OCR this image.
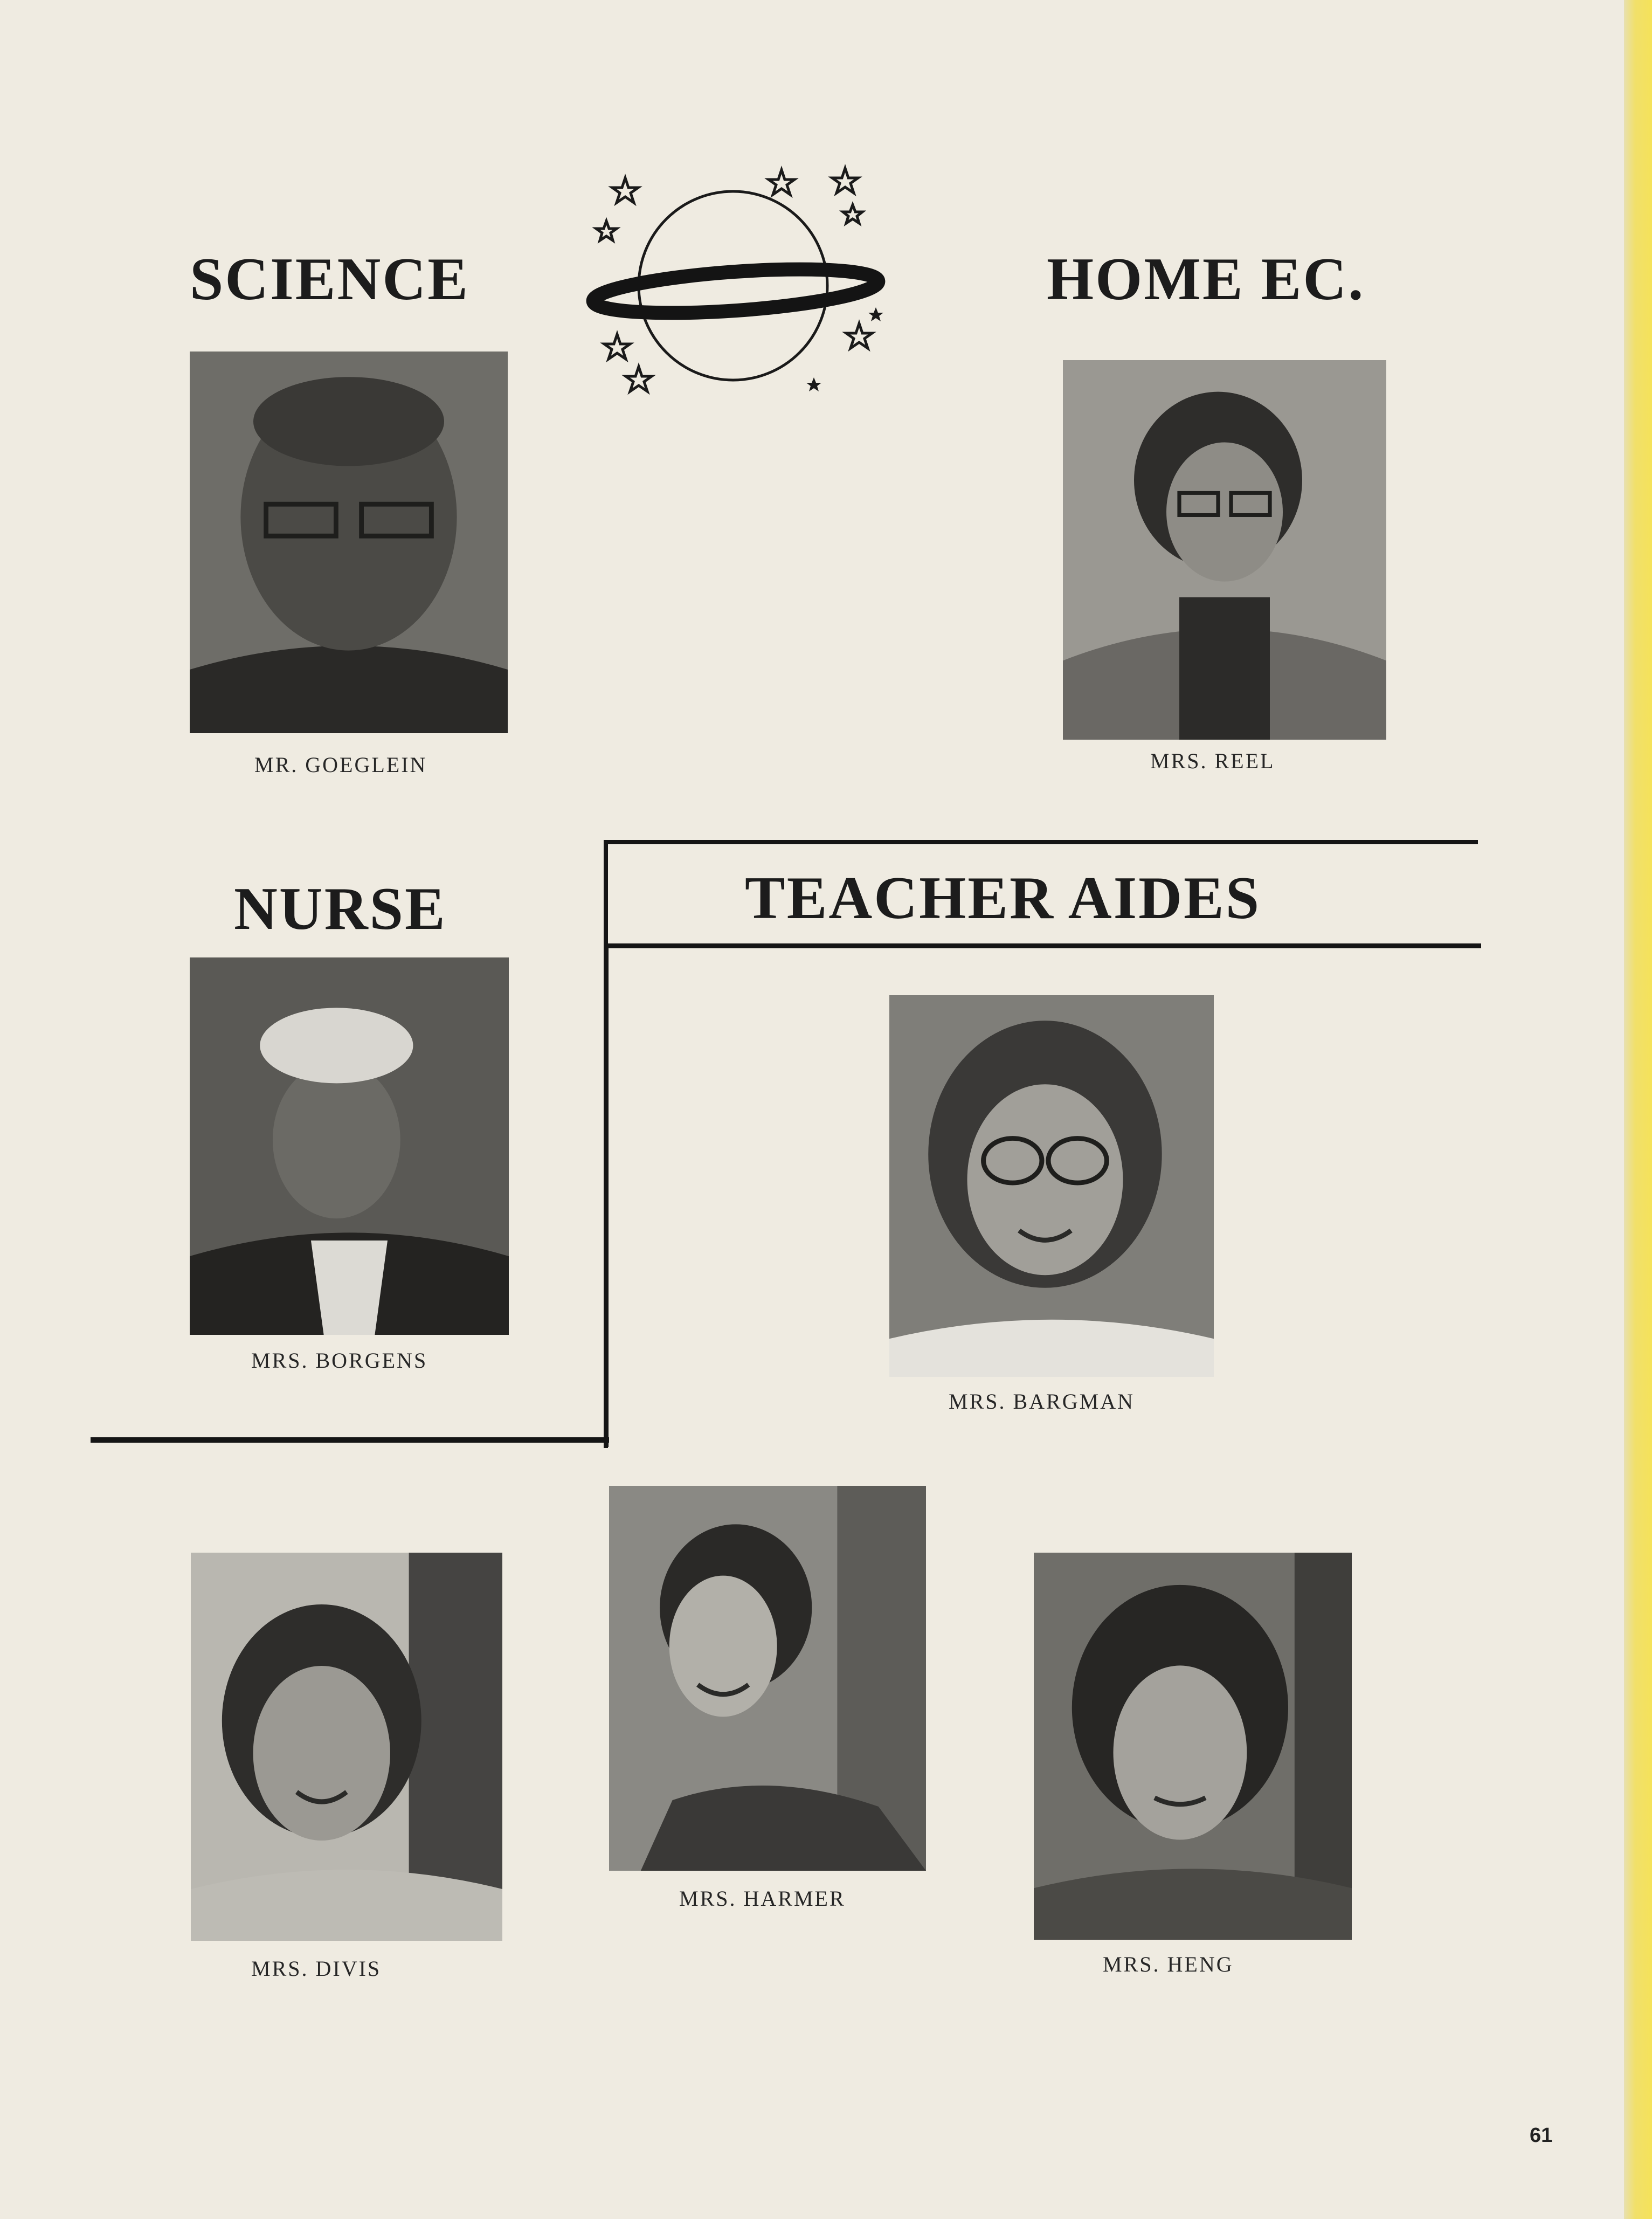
SCIENCE	HOME EC.
NURSE	TEACHER AIDES

MR. GOEGLEIN	MRS. REEL

MRS. BORGENS

MRS. BARGMAN

MRS. DIVIS

MRS. HARMER

MRS. HENG

61
